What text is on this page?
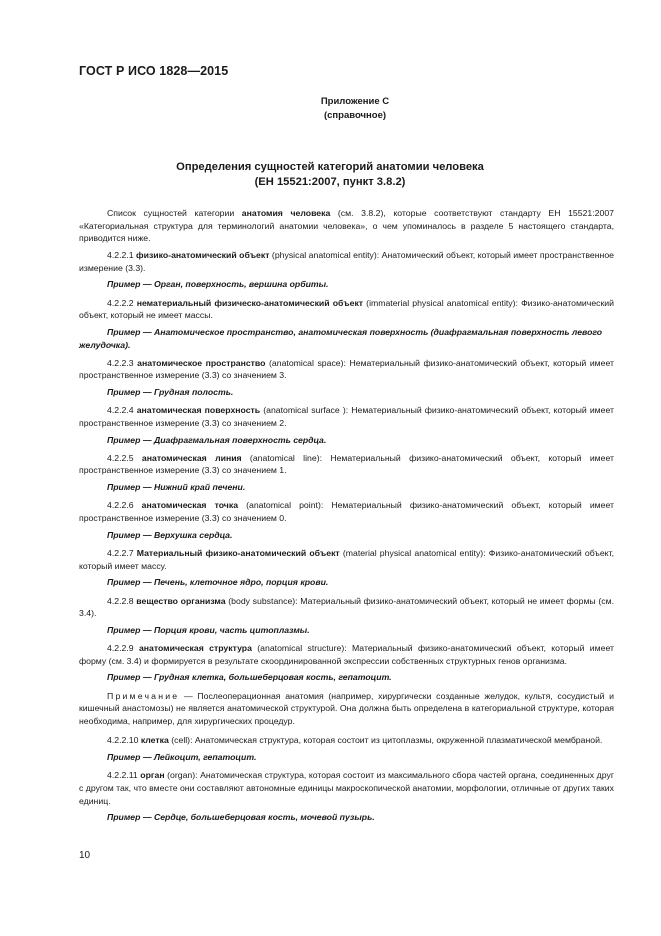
ГОСТ Р ИСО 1828—2015
Приложение С
(справочное)
Определения сущностей категорий анатомии человека
(ЕН 15521:2007, пункт 3.8.2)

Список сущностей категории анатомия человека (см. 3.8.2), которые соответствуют стандарту ЕН 15521:2007 «Категориальная структура для терминологий анатомии человека», о чем упоминалось в разделе 5 настоящего стандарта, приводится ниже.

4.2.2.1 физико-анатомический объект (physical anatomical entity): Анатомический объект, который имеет пространственное измерение (3.3).

Пример — Орган, поверхность, вершина орбиты.

4.2.2.2 нематериальный физическо-анатомический объект (immaterial physical anatomical entity): Физико-анатомический объект, который не имеет массы.

Пример — Анатомическое пространство, анатомическая поверхность (диафрагмальная поверхность левого желудочка).

4.2.2.3 анатомическое пространство (anatomical space): Нематериальный физико-анатомический объект, который имеет пространственное измерение (3.3) со значением 3.

Пример — Грудная полость.

4.2.2.4 анатомическая поверхность (anatomical surface ): Нематериальный физико-анатомический объект, который имеет пространственное измерение (3.3) со значением 2.

Пример — Диафрагмальная поверхность сердца.

4.2.2.5 анатомическая линия (anatomical line): Нематериальный физико-анатомический объект, который имеет пространственное измерение (3.3) со значением 1.

Пример — Нижний край печени.

4.2.2.6 анатомическая точка (anatomical point): Нематериальный физико-анатомический объект, который имеет пространственное измерение (3.3) со значением 0.

Пример — Верхушка сердца.

4.2.2.7 Материальный физико-анатомический объект (material physical anatomical entity): Физико-анатомический объект, который имеет массу.

Пример — Печень, клеточное ядро, порция крови.

4.2.2.8 вещество организма (body substance): Материальный физико-анатомический объект, который не имеет формы (см. 3.4).

Пример — Порция крови, часть цитоплазмы.

4.2.2.9 анатомическая структура (anatomical structure): Материальный физико-анатомический объект, который имеет форму (см. 3.4) и формируется в результате скоординированной экспрессии собственных структурных генов организма.

Пример — Грудная клетка, большеберцовая кость, гепатоцит.

Примечание — Послеоперационная анатомия (например, хирургически созданные желудок, культя, сосудистый и кишечный анастомозы) не является анатомической структурой. Она должна быть определена в категориальной структуре, которая необходима, например, для хирургических процедур.

4.2.2.10 клетка (cell): Анатомическая структура, которая состоит из цитоплазмы, окруженной плазматической мембраной.

Пример — Лейкоцит, гепатоцит.

4.2.2.11 орган (organ): Анатомическая структура, которая состоит из максимального сбора частей органа, соединенных друг с другом так, что вместе они составляют автономные единицы макроскопической анатомии, морфологии, отличные от других таких единиц.

Пример — Сердце, большеберцовая кость, мочевой пузырь.

10
